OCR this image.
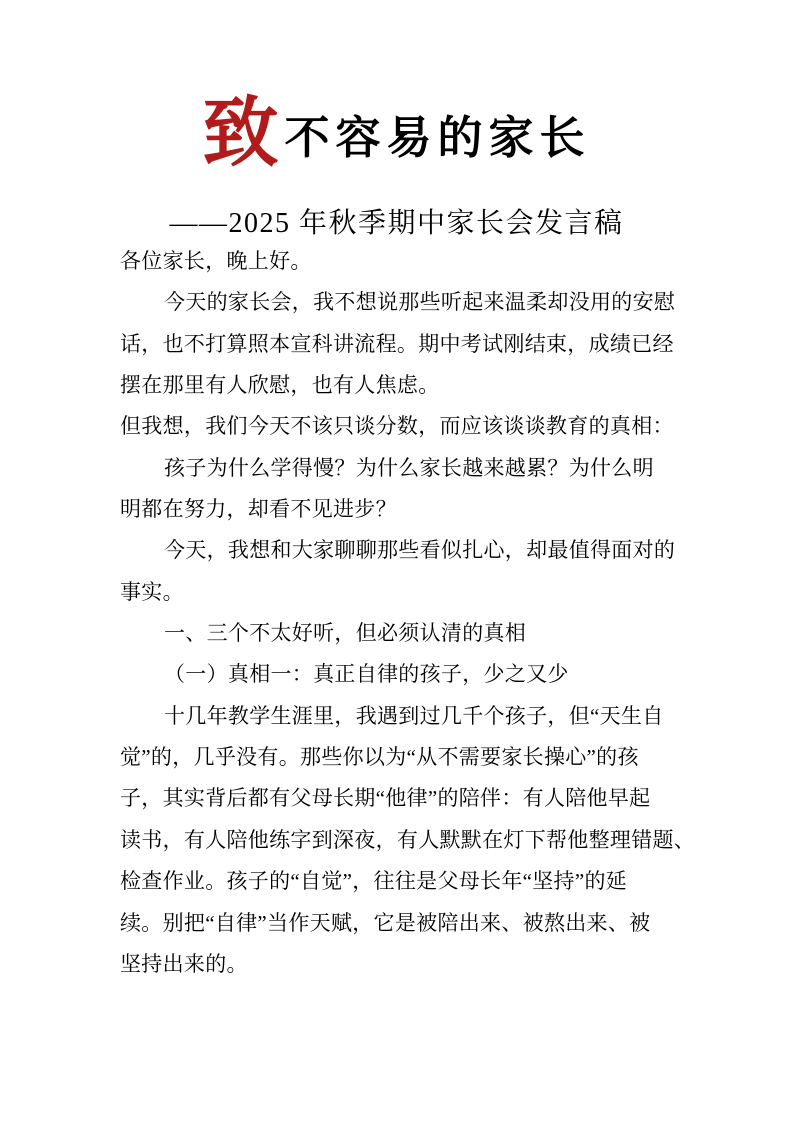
致 不容易的家长
——2025 年秋季期中家长会发言稿
各位家长，晚上好。
今天的家长会，我不想说那些听起来温柔却没用的安慰
话，也不打算照本宣科讲流程。期中考试刚结束，成绩已经
摆在那里有人欣慰，也有人焦虑。
但我想，我们今天不该只谈分数，而应该谈谈教育的真相：
孩子为什么学得慢？为什么家长越来越累？为什么明
明都在努力，却看不见进步？
今天，我想和大家聊聊那些看似扎心，却最值得面对的
事实。
一、三个不太好听，但必须认清的真相
（一）真相一：真正自律的孩子，少之又少
十几年教学生涯里，我遇到过几千个孩子，但“天生自
觉”的，几乎没有。那些你以为“从不需要家长操心”的孩
子，其实背后都有父母长期“他律”的陪伴：有人陪他早起
读书，有人陪他练字到深夜，有人默默在灯下帮他整理错题、
检查作业。孩子的“自觉”，往往是父母长年“坚持”的延
续。别把“自律”当作天赋，它是被陪出来、被熬出来、被
坚持出来的。
